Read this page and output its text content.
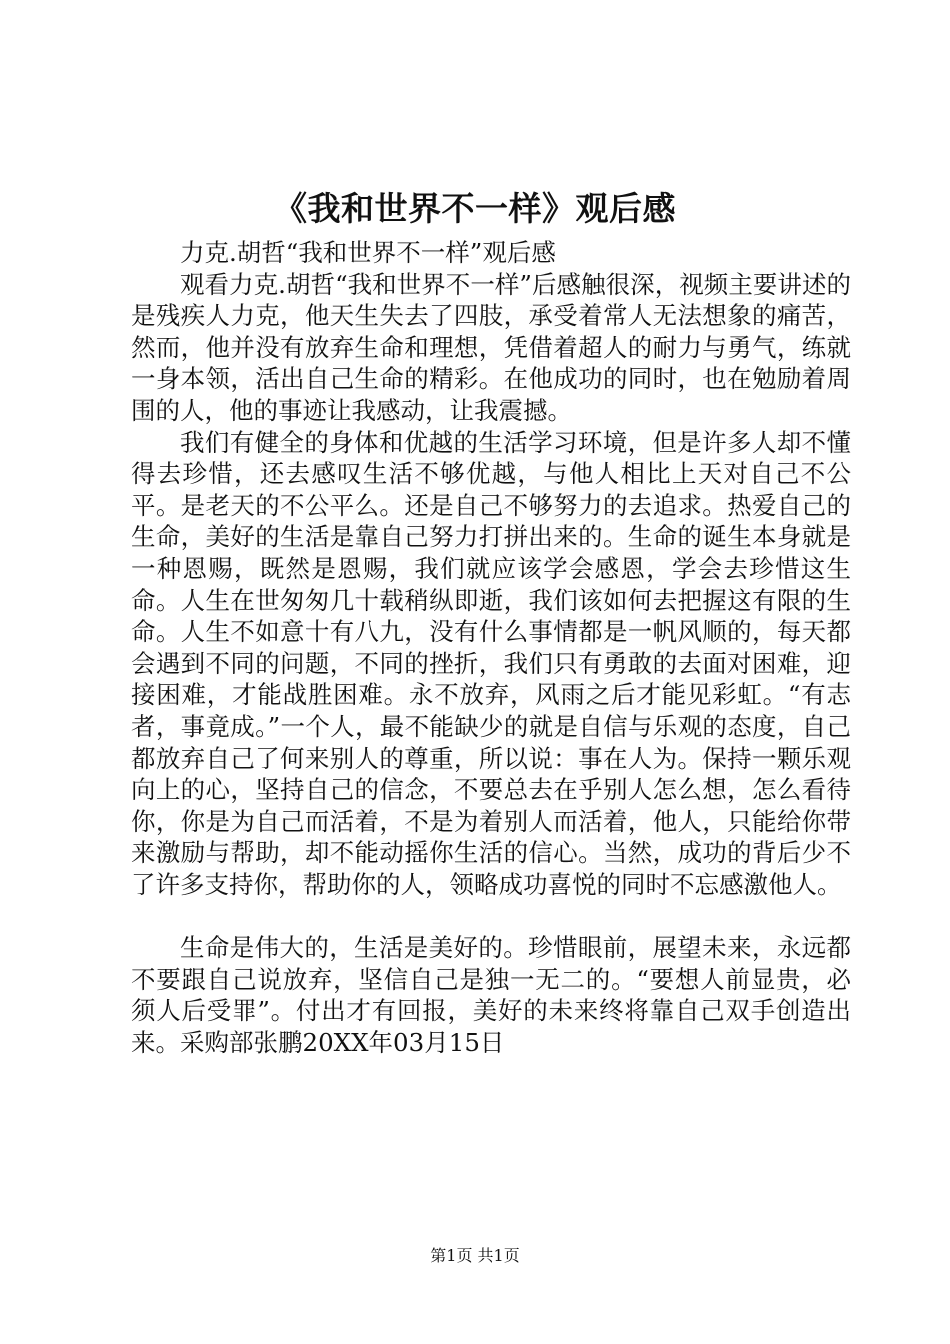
《我和世界不一样》观后感

力克.胡哲“我和世界不一样”观后感

观看力克.胡哲“我和世界不一样”后感触很深，视频主要讲述的是残疾人力克，他天生失去了四肢，承受着常人无法想象的痛苦，然而，他并没有放弃生命和理想，凭借着超人的耐力与勇气，练就一身本领，活出自己生命的精彩。在他成功的同时，也在勉励着周围的人，他的事迹让我感动，让我震撼。

我们有健全的身体和优越的生活学习环境，但是许多人却不懂得去珍惜，还去感叹生活不够优越，与他人相比上天对自己不公平。是老天的不公平么。还是自己不够努力的去追求。热爱自己的生命，美好的生活是靠自己努力打拼出来的。生命的诞生本身就是一种恩赐，既然是恩赐，我们就应该学会感恩，学会去珍惜这生命。人生在世匆匆几十载稍纵即逝，我们该如何去把握这有限的生命。人生不如意十有八九，没有什么事情都是一帆风顺的，每天都会遇到不同的问题，不同的挫折，我们只有勇敢的去面对困难，迎接困难，才能战胜困难。永不放弃，风雨之后才能见彩虹。“有志者，事竟成。”一个人，最不能缺少的就是自信与乐观的态度，自己都放弃自己了何来别人的尊重，所以说：事在人为。保持一颗乐观向上的心，坚持自己的信念，不要总去在乎别人怎么想，怎么看待你，你是为自己而活着，不是为着别人而活着，他人，只能给你带来激励与帮助，却不能动摇你生活的信心。当然，成功的背后少不了许多支持你，帮助你的人，领略成功喜悦的同时不忘感激他人。

生命是伟大的，生活是美好的。珍惜眼前，展望未来，永远都不要跟自己说放弃，坚信自己是独一无二的。“要想人前显贵，必须人后受罪”。付出才有回报，美好的未来终将靠自己双手创造出来。采购部张鹏20XX年03月15日

第1页 共1页
